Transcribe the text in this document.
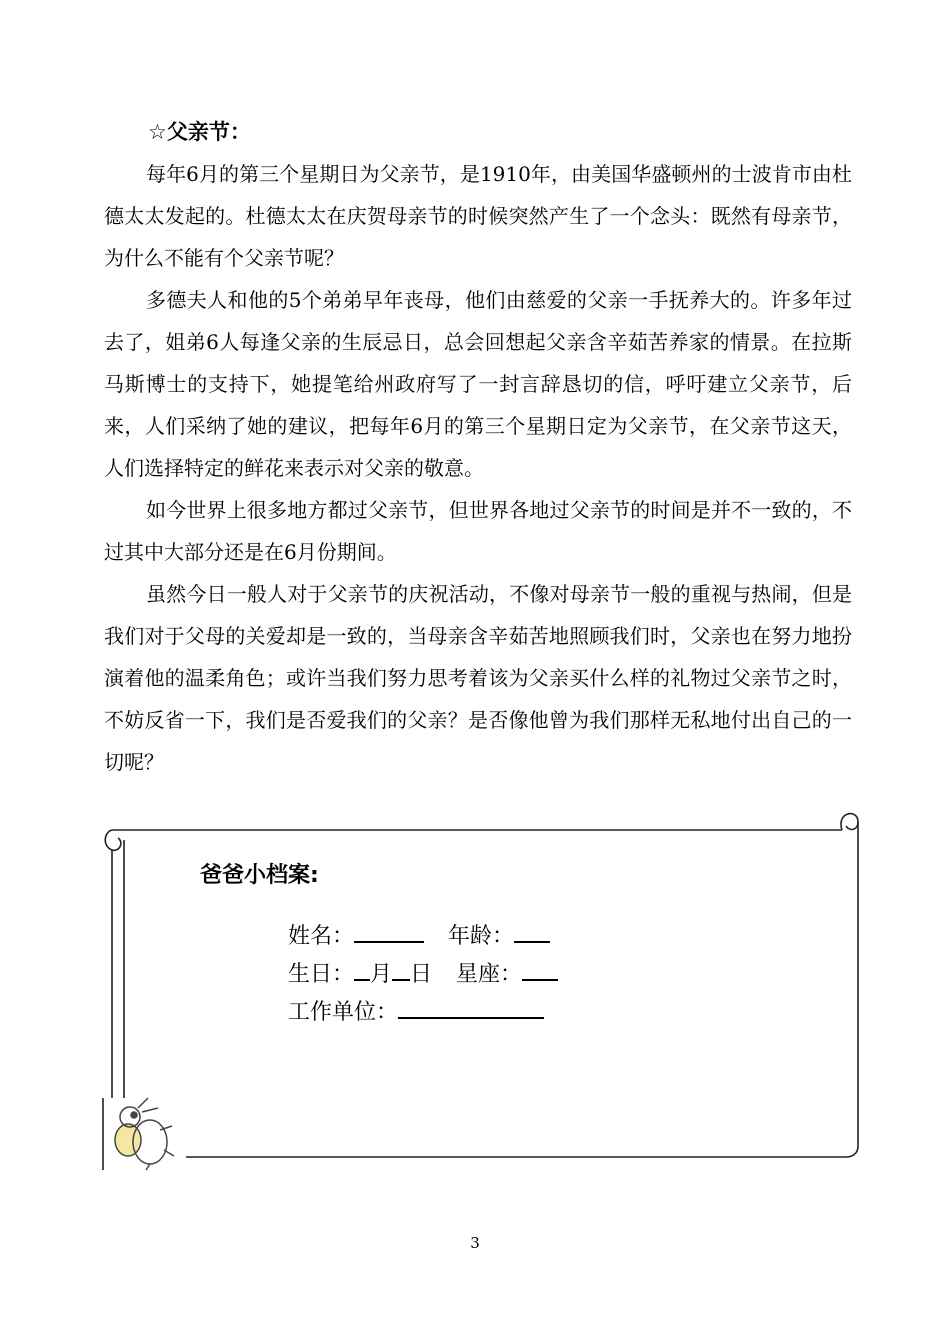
☆父亲节：

每年6月的第三个星期日为父亲节，是1910年，由美国华盛顿州的士波肯市由杜德太太发起的。杜德太太在庆贺母亲节的时候突然产生了一个念头：既然有母亲节，为什么不能有个父亲节呢？

多德夫人和他的5个弟弟早年丧母，他们由慈爱的父亲一手抚养大的。许多年过去了，姐弟6人每逢父亲的生辰忌日，总会回想起父亲含辛茹苦养家的情景。在拉斯马斯博士的支持下，她提笔给州政府写了一封言辞恳切的信，呼吁建立父亲节，后来，人们采纳了她的建议，把每年6月的第三个星期日定为父亲节，在父亲节这天，人们选择特定的鲜花来表示对父亲的敬意。

如今世界上很多地方都过父亲节，但世界各地过父亲节的时间是并不一致的，不过其中大部分还是在6月份期间。

虽然今日一般人对于父亲节的庆祝活动，不像对母亲节一般的重视与热闹，但是我们对于父母的关爱却是一致的，当母亲含辛茹苦地照顾我们时，父亲也在努力地扮演着他的温柔角色；或许当我们努力思考着该为父亲买什么样的礼物过父亲节之时，不妨反省一下，我们是否爱我们的父亲？是否像他曾为我们那样无私地付出自己的一切呢？

爸爸小档案:
姓名：	年龄：
生日： 月 日 星座：
工作单位：
3
